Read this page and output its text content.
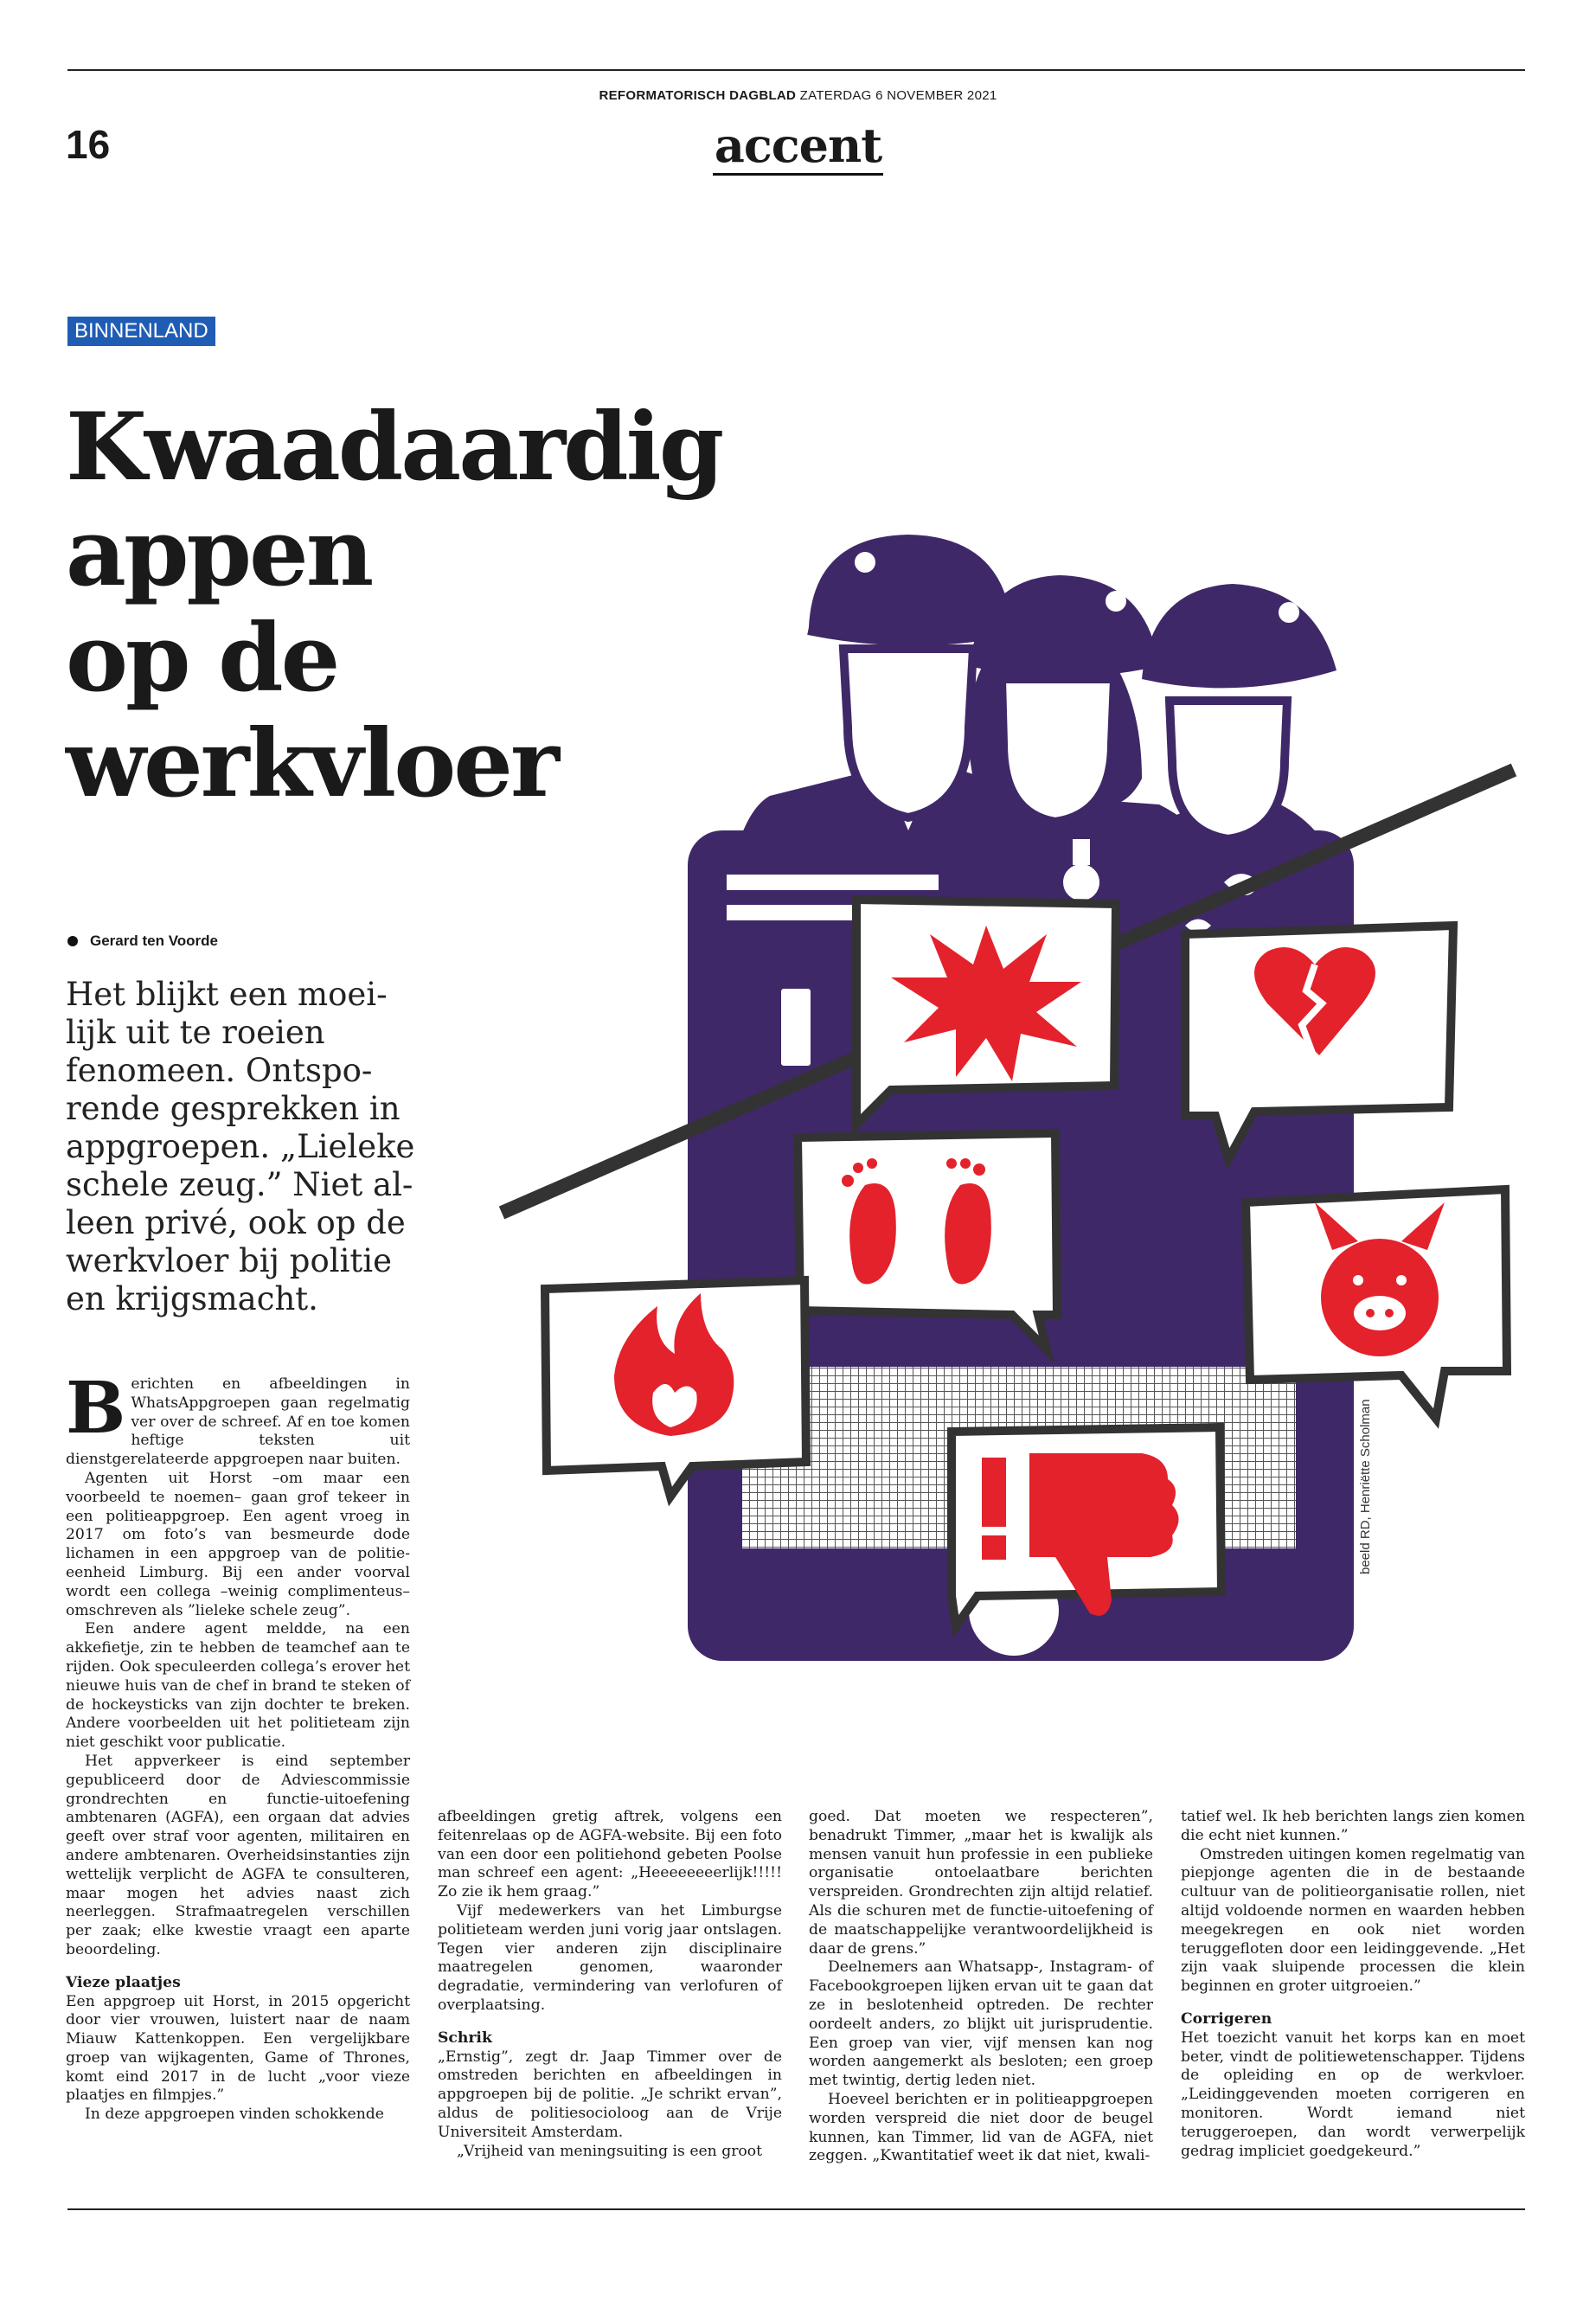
REFORMATORISCH DAGBLAD ZATERDAG 6 NOVEMBER 2021
16	accent
BINNENLAND
Kwaadaardig
appen
op de
werkvloer
Gerard ten Voorde
Het blijkt een moei-
lijk uit te roeien
fenomeen. Ontspo-
rende gesprekken in
appgroepen. „Lieleke
schele zeug.” Niet al-
leen privé, ook op de
werkvloer bij politie
en krijgsmacht.
beeld RD, Henriëtte Scholman

Berichten en afbeeldingen in WhatsAppgroepen gaan regelmatig ver over de schreef. Af en toe komen heftige teksten uit dienstgerelateerde appgroepen naar buiten.

Agenten uit Horst –om maar een voorbeeld te noemen– gaan grof tekeer in een politieappgroep. Een agent vroeg in 2017 om foto’s van besmeurde dode lichamen in een appgroep van de politie-eenheid Limburg. Bij een ander voorval wordt een collega –weinig complimenteus– omschreven als ”lieleke schele zeug”.

Een andere agent meldde, na een akkefietje, zin te hebben de teamchef aan te rijden. Ook speculeerden collega’s erover het nieuwe huis van de chef in brand te steken of de hockeysticks van zijn dochter te breken. Andere voorbeelden uit het politieteam zijn niet geschikt voor publicatie.

Het appverkeer is eind september gepubliceerd door de Adviescommissie grondrechten en functie-uitoefening ambtenaren (AGFA), een orgaan dat advies geeft over straf voor agenten, militairen en andere ambtenaren. Overheidsinstanties zijn wettelijk verplicht de AGFA te consulteren, maar mogen het advies naast zich neerleggen. Strafmaatregelen verschillen per zaak; elke kwestie vraagt een aparte beoordeling.

Vieze plaatjes

Een appgroep uit Horst, in 2015 opgericht door vier vrouwen, luistert naar de naam Miauw Kattenkoppen. Een vergelijkbare groep van wijkagenten, Game of Thrones, komt eind 2017 in de lucht „voor vieze plaatjes en filmpjes.”

In deze appgroepen vinden schokkende

afbeeldingen gretig aftrek, volgens een feitenrelaas op de AGFA-website. Bij een foto van een door een politiehond gebeten Poolse man schreef een agent: „Heeeeeeeerlijk!!!!! Zo zie ik hem graag.”

Vijf medewerkers van het Limburgse politieteam werden juni vorig jaar ontslagen. Tegen vier anderen zijn disciplinaire maatregelen genomen, waaronder degradatie, vermindering van verlofuren of overplaatsing.

Schrik

„Ernstig”, zegt dr. Jaap Timmer over de omstreden berichten en afbeeldingen in appgroepen bij de politie. „Je schrikt ervan”, aldus de politiesocioloog aan de Vrije Universiteit Amsterdam.

„Vrijheid van meningsuiting is een groot

goed. Dat moeten we respecteren”, benadrukt Timmer, „maar het is kwalijk als mensen vanuit hun professie in een publieke organisatie ontoelaatbare berichten verspreiden. Grondrechten zijn altijd relatief. Als die schuren met de functie-uitoefening of de maatschappelijke verantwoordelijkheid is daar de grens.”

Deelnemers aan Whatsapp-, Instagram- of Facebookgroepen lijken ervan uit te gaan dat ze in beslotenheid optreden. De rechter oordeelt anders, zo blijkt uit jurisprudentie. Een groep van vier, vijf mensen kan nog worden aangemerkt als besloten; een groep met twintig, dertig leden niet.

Hoeveel berichten er in politieappgroepen worden verspreid die niet door de beugel kunnen, kan Timmer, lid van de AGFA, niet zeggen. „Kwantitatief weet ik dat niet, kwali-

tatief wel. Ik heb berichten langs zien komen die echt niet kunnen.”

Omstreden uitingen komen regelmatig van piepjonge agenten die in de bestaande cultuur van de politieorganisatie rollen, niet altijd voldoende normen en waarden hebben meegekregen en ook niet worden teruggefloten door een leidinggevende. „Het zijn vaak sluipende processen die klein beginnen en groter uitgroeien.”

Corrigeren

Het toezicht vanuit het korps kan en moet beter, vindt de politiewetenschapper. Tijdens de opleiding en op de werkvloer. „Leidinggevenden moeten corrigeren en monitoren. Wordt iemand niet teruggeroepen, dan wordt verwerpelijk gedrag impliciet goedgekeurd.”
